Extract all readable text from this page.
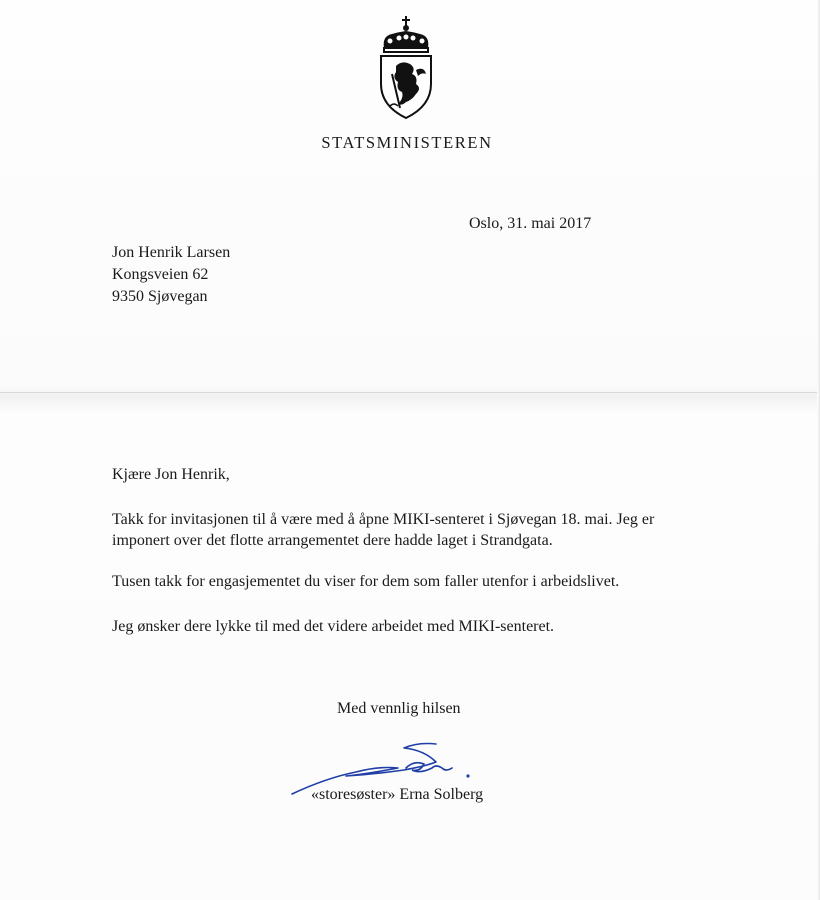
STATSMINISTEREN
Oslo, 31. mai 2017
Jon Henrik Larsen
Kongsveien 62
9350 Sjøvegan
Kjære Jon Henrik,
Takk for invitasjonen til å være med å åpne MIKI-senteret i Sjøvegan 18. mai. Jeg er
imponert over det flotte arrangementet dere hadde laget i Strandgata.
Tusen takk for engasjementet du viser for dem som faller utenfor i arbeidslivet.
Jeg ønsker dere lykke til med det videre arbeidet med MIKI-senteret.
Med vennlig hilsen
«storesøster» Erna Solberg
